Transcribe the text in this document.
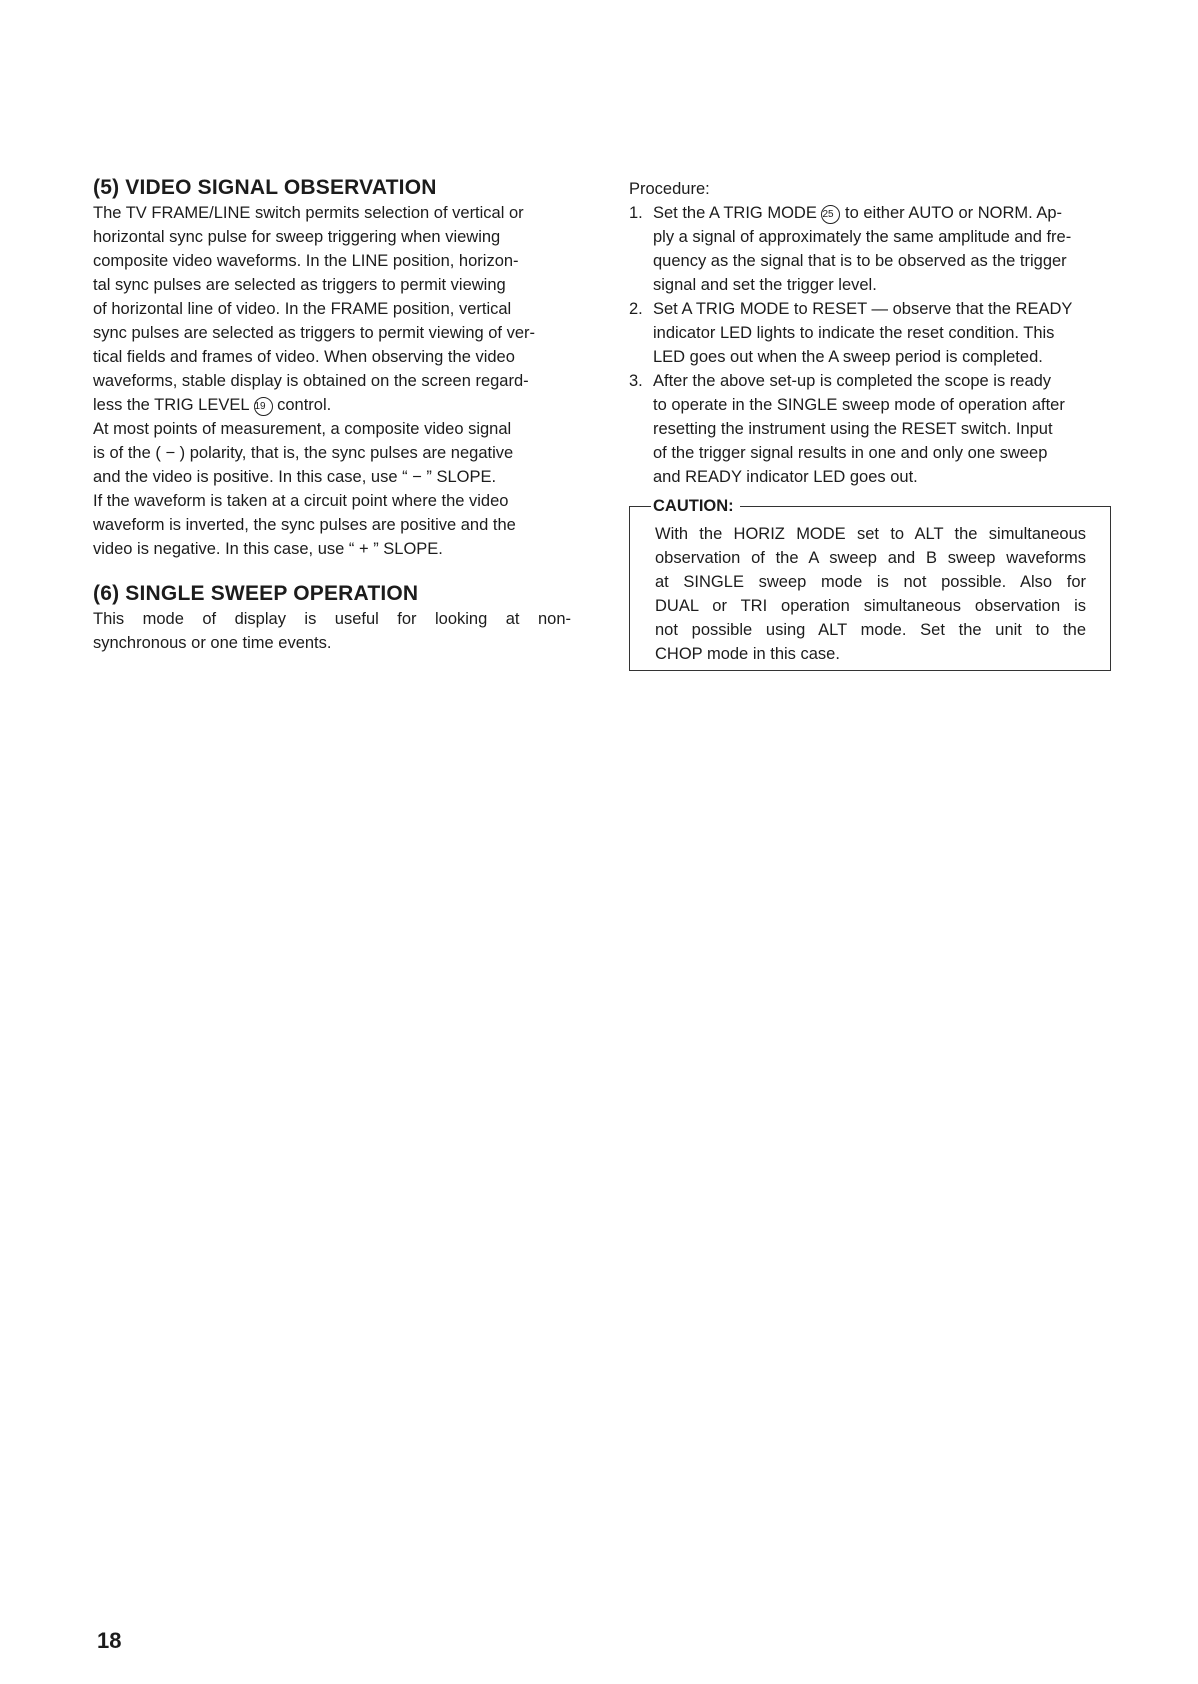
(5) VIDEO SIGNAL OBSERVATION
The TV FRAME/LINE switch permits selection of vertical or
horizontal sync pulse for sweep triggering when viewing
composite video waveforms. In the LINE position, horizon-
tal sync pulses are selected as triggers to permit viewing
of horizontal line of video. In the FRAME position, vertical
sync pulses are selected as triggers to permit viewing of ver-
tical fields and frames of video. When observing the video
waveforms, stable display is obtained on the screen regard-
less the TRIG LEVEL 19 control.
At most points of measurement, a composite video signal
is of the ( − ) polarity, that is, the sync pulses are negative
and the video is positive. In this case, use “ − ” SLOPE.
If the waveform is taken at a circuit point where the video
waveform is inverted, the sync pulses are positive and the
video is negative. In this case, use “ + ” SLOPE.
(6) SINGLE SWEEP OPERATION
This mode of display is useful for looking at non-
synchronous or one time events.

Procedure:

1. Set the A TRIG MODE 25 to either AUTO or NORM. Ap-
ply a signal of approximately the same amplitude and fre-
quency as the signal that is to be observed as the trigger
signal and set the trigger level.
2. Set A TRIG MODE to RESET — observe that the READY
indicator LED lights to indicate the reset condition. This
LED goes out when the A sweep period is completed.
3. After the above set-up is completed the scope is ready
to operate in the SINGLE sweep mode of operation after
resetting the instrument using the RESET switch. Input
of the trigger signal results in one and only one sweep
and READY indicator LED goes out.
CAUTION:
With the HORIZ MODE set to ALT the simultaneous
observation of the A sweep and B sweep waveforms
at SINGLE sweep mode is not possible. Also for
DUAL or TRI operation simultaneous observation is
not possible using ALT mode. Set the unit to the
CHOP mode in this case.
18
